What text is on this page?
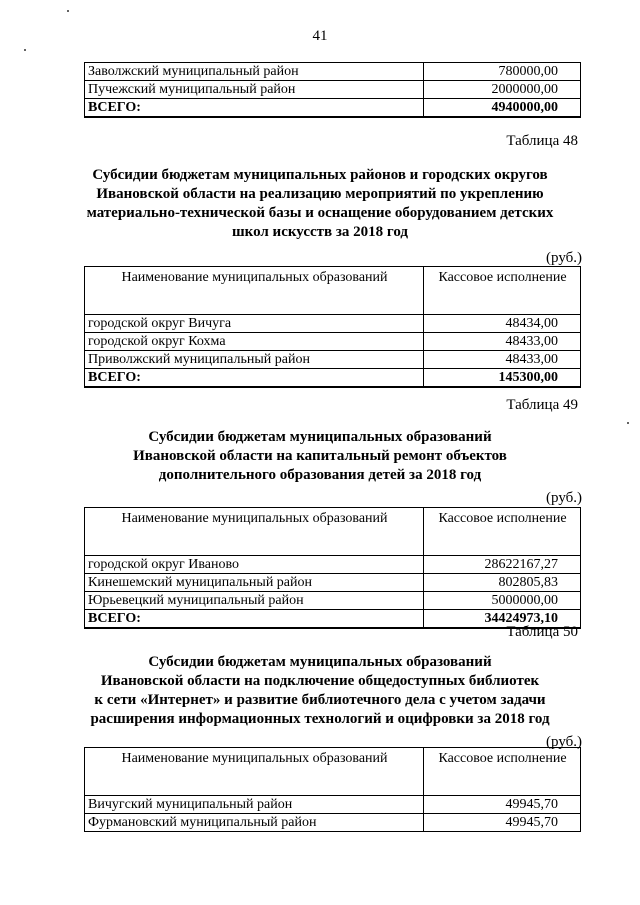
41
Заволжский муниципальный район	780000,00
Пучежский муниципальный район	2000000,00
ВСЕГО:	4940000,00
Таблица 48
Субсидии бюджетам муниципальных районов и городских округов
Ивановской области на реализацию мероприятий по укреплению
материально-технической базы и оснащение оборудованием детских
школ искусств за 2018 год
(руб.)
Наименование муниципальных образований	Кассовое исполнение
городской округ Вичуга	48434,00
городской округ Кохма	48433,00
Приволжский муниципальный район	48433,00
ВСЕГО:	145300,00
Таблица 49
Субсидии бюджетам муниципальных образований
Ивановской области на капитальный ремонт объектов
дополнительного образования детей за 2018 год
(руб.)
Наименование муниципальных образований	Кассовое исполнение
городской округ Иваново	28622167,27
Кинешемский муниципальный район	802805,83
Юрьевецкий муниципальный район	5000000,00
ВСЕГО:	34424973,10
Таблица 50
Субсидии бюджетам муниципальных образований
Ивановской области на подключение общедоступных библиотек
к сети «Интернет» и развитие библиотечного дела с учетом задачи
расширения информационных технологий и оцифровки за 2018 год
(руб.)
Наименование муниципальных образований	Кассовое исполнение
Вичугский муниципальный район	49945,70
Фурмановский муниципальный район	49945,70
